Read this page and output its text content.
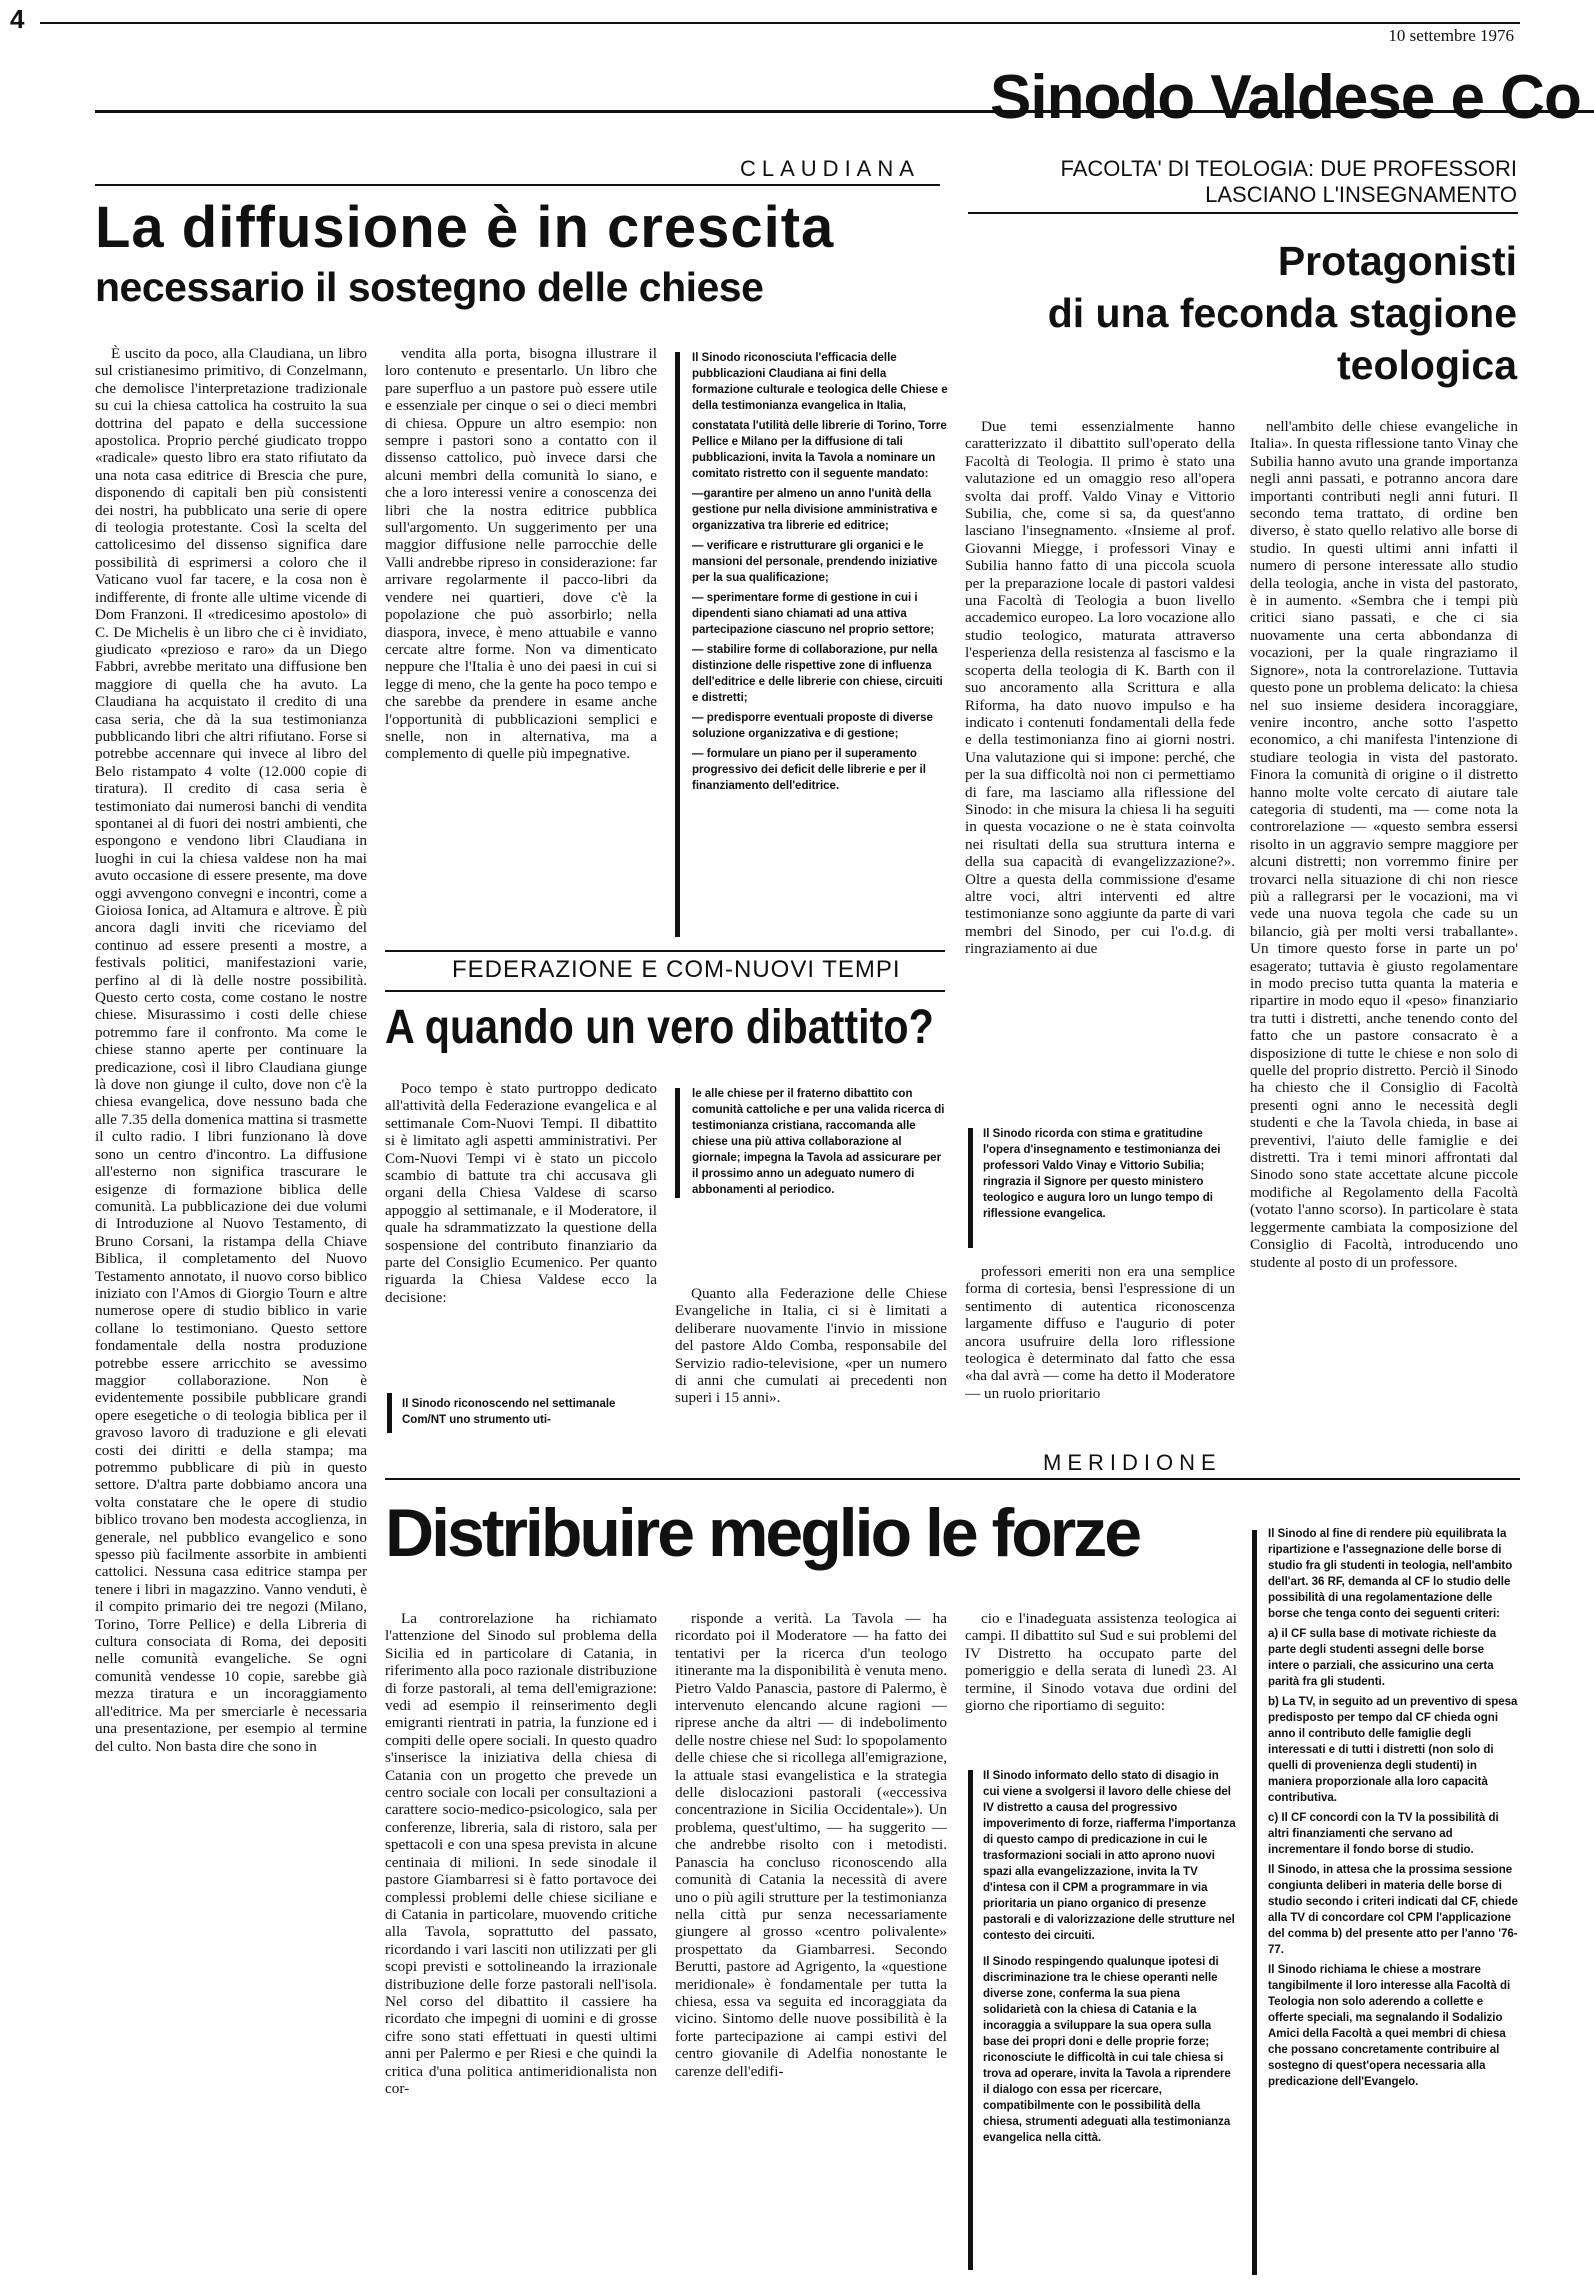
4
10 settembre 1976
Sinodo Valdese e Co
CLAUDIANA
La diffusione è in crescita
necessario il sostegno delle chiese

È uscito da poco, alla Claudiana, un libro sul cristianesimo primitivo, di Conzelmann, che demolisce l'interpretazione tradizionale su cui la chiesa cattolica ha costruito la sua dottrina del papato e della successione apostolica. Proprio perché giudicato troppo «radicale» questo libro era stato rifiutato da una nota casa editrice di Brescia che pure, disponendo di capitali ben più consistenti dei nostri, ha pubblicato una serie di opere di teologia protestante. Così la scelta del cattolicesimo del dissenso significa dare possibilità di esprimersi a coloro che il Vaticano vuol far tacere, e la cosa non è indifferente, di fronte alle ultime vicende di Dom Franzoni. Il «tredicesimo apostolo» di C. De Michelis è un libro che ci è invidiato, giudicato «prezioso e raro» da un Diego Fabbri, avrebbe meritato una diffusione ben maggiore di quella che ha avuto. La Claudiana ha acquistato il credito di una casa seria, che dà la sua testimonianza pubblicando libri che altri rifiutano. Forse si potrebbe accennare qui invece al libro del Belo ristampato 4 volte (12.000 copie di tiratura). Il credito di casa seria è testimoniato dai numerosi banchi di vendita spontanei al di fuori dei nostri ambienti, che espongono e vendono libri Claudiana in luoghi in cui la chiesa valdese non ha mai avuto occasione di essere presente, ma dove oggi avvengono convegni e incontri, come a Gioiosa Ionica, ad Altamura e altrove. È più ancora dagli inviti che riceviamo del continuo ad essere presenti a mostre, a festivals politici, manifestazioni varie, perfino al di là delle nostre possibilità. Questo certo costa, come costano le nostre chiese. Misurassimo i costi delle chiese potremmo fare il confronto. Ma come le chiese stanno aperte per continuare la predicazione, così il libro Claudiana giunge là dove non giunge il culto, dove non c'è la chiesa evangelica, dove nessuno bada che alle 7.35 della domenica mattina si trasmette il culto radio. I libri funzionano là dove sono un centro d'incontro. La diffusione all'esterno non significa trascurare le esigenze di formazione biblica delle comunità. La pubblicazione dei due volumi di Introduzione al Nuovo Testamento, di Bruno Corsani, la ristampa della Chiave Biblica, il completamento del Nuovo Testamento annotato, il nuovo corso biblico iniziato con l'Amos di Giorgio Tourn e altre numerose opere di studio biblico in varie collane lo testimoniano. Questo settore fondamentale della nostra produzione potrebbe essere arricchito se avessimo maggior collaborazione. Non è evidentemente possibile pubblicare grandi opere esegetiche o di teologia biblica per il gravoso lavoro di traduzione e gli elevati costi dei diritti e della stampa; ma potremmo pubblicare di più in questo settore. D'altra parte dobbiamo ancora una volta constatare che le opere di studio biblico trovano ben modesta accoglienza, in generale, nel pubblico evangelico e sono spesso più facilmente assorbite in ambienti cattolici. Nessuna casa editrice stampa per tenere i libri in magazzino. Vanno venduti, è il compito primario dei tre negozi (Milano, Torino, Torre Pellice) e della Libreria di cultura consociata di Roma, dei depositi nelle comunità evangeliche. Se ogni comunità vendesse 10 copie, sarebbe già mezza tiratura e un incoraggiamento all'editrice. Ma per smerciarle è necessaria una presentazione, per esempio al termine del culto. Non basta dire che sono in

vendita alla porta, bisogna illustrare il loro contenuto e presentarlo. Un libro che pare superfluo a un pastore può essere utile e essenziale per cinque o sei o dieci membri di chiesa. Oppure un altro esempio: non sempre i pastori sono a contatto con il dissenso cattolico, può invece darsi che alcuni membri della comunità lo siano, e che a loro interessi venire a conoscenza dei libri che la nostra editrice pubblica sull'argomento. Un suggerimento per una maggior diffusione nelle parrocchie delle Valli andrebbe ripreso in considerazione: far arrivare regolarmente il pacco-libri da vendere nei quartieri, dove c'è la popolazione che può assorbirlo; nella diaspora, invece, è meno attuabile e vanno cercate altre forme. Non va dimenticato neppure che l'Italia è uno dei paesi in cui si legge di meno, che la gente ha poco tempo e che sarebbe da prendere in esame anche l'opportunità di pubblicazioni semplici e snelle, non in alternativa, ma a complemento di quelle più impegnative.

Il Sinodo riconosciuta l'efficacia delle pubblicazioni Claudiana ai fini della formazione culturale e teologica delle Chiese e della testimonianza evangelica in Italia,

constatata l'utilità delle librerie di Torino, Torre Pellice e Milano per la diffusione di tali pubblicazioni, invita la Tavola a nominare un comitato ristretto con il seguente mandato:

—garantire per almeno un anno l'unità della gestione pur nella divisione amministrativa e organizzativa tra librerie ed editrice;

— verificare e ristrutturare gli organici e le mansioni del personale, prendendo iniziative per la sua qualificazione;

— sperimentare forme di gestione in cui i dipendenti siano chiamati ad una attiva partecipazione ciascuno nel proprio settore;

— stabilire forme di collaborazione, pur nella distinzione delle rispettive zone di influenza dell'editrice e delle librerie con chiese, circuiti e distretti;

— predisporre eventuali proposte di diverse soluzione organizzativa e di gestione;

— formulare un piano per il superamento progressivo dei deficit delle librerie e per il finanziamento dell'editrice.

FEDERAZIONE E COM-NUOVI TEMPI
A quando un vero dibattito?

Poco tempo è stato purtroppo dedicato all'attività della Federazione evangelica e al settimanale Com-Nuovi Tempi. Il dibattito si è limitato agli aspetti amministrativi. Per Com-Nuovi Tempi vi è stato un piccolo scambio di battute tra chi accusava gli organi della Chiesa Valdese di scarso appoggio al settimanale, e il Moderatore, il quale ha sdrammatizzato la questione della sospensione del contributo finanziario da parte del Consiglio Ecumenico. Per quanto riguarda la Chiesa Valdese ecco la decisione:

Il Sinodo riconoscendo nel settimanale Com/NT uno strumento uti-
le alle chiese per il fraterno dibattito con comunità cattoliche e per una valida ricerca di testimonianza cristiana, raccomanda alle chiese una più attiva collaborazione al giornale; impegna la Tavola ad assicurare per il prossimo anno un adeguato numero di abbonamenti al periodico.

Quanto alla Federazione delle Chiese Evangeliche in Italia, ci si è limitati a deliberare nuovamente l'invio in missione del pastore Aldo Comba, responsabile del Servizio radio-televisione, «per un numero di anni che cumulati ai precedenti non superi i 15 anni».

FACOLTA' DI TEOLOGIA: DUE PROFESSORI LASCIANO L'INSEGNAMENTO
Protagonisti
di una feconda stagione
teologica

Due temi essenzialmente hanno caratterizzato il dibattito sull'operato della Facoltà di Teologia. Il primo è stato una valutazione ed un omaggio reso all'opera svolta dai proff. Valdo Vinay e Vittorio Subilia, che, come si sa, da quest'anno lasciano l'insegnamento. «Insieme al prof. Giovanni Miegge, i professori Vinay e Subilia hanno fatto di una piccola scuola per la preparazione locale di pastori valdesi una Facoltà di Teologia a buon livello accademico europeo. La loro vocazione allo studio teologico, maturata attraverso l'esperienza della resistenza al fascismo e la scoperta della teologia di K. Barth con il suo ancoramento alla Scrittura e alla Riforma, ha dato nuovo impulso e ha indicato i contenuti fondamentali della fede e della testimonianza fino ai giorni nostri. Una valutazione qui si impone: perché, che per la sua difficoltà noi non ci permettiamo di fare, ma lasciamo alla riflessione del Sinodo: in che misura la chiesa li ha seguiti in questa vocazione o ne è stata coinvolta nei risultati della sua struttura interna e della sua capacità di evangelizzazione?». Oltre a questa della commissione d'esame altre voci, altri interventi ed altre testimonianze sono aggiunte da parte di vari membri del Sinodo, per cui l'o.d.g. di ringraziamento ai due

Il Sinodo ricorda con stima e gratitudine l'opera d'insegnamento e testimonianza dei professori Valdo Vinay e Vittorio Subilia; ringrazia il Signore per questo ministero teologico e augura loro un lungo tempo di riflessione evangelica.

professori emeriti non era una semplice forma di cortesia, bensì l'espressione di un sentimento di autentica riconoscenza largamente diffuso e l'augurio di poter ancora usufruire della loro riflessione teologica è determinato dal fatto che essa «ha dal avrà — come ha detto il Moderatore — un ruolo prioritario

nell'ambito delle chiese evangeliche in Italia». In questa riflessione tanto Vinay che Subilia hanno avuto una grande importanza negli anni passati, e potranno ancora dare importanti contributi negli anni futuri. Il secondo tema trattato, di ordine ben diverso, è stato quello relativo alle borse di studio. In questi ultimi anni infatti il numero di persone interessate allo studio della teologia, anche in vista del pastorato, è in aumento. «Sembra che i tempi più critici siano passati, e che ci sia nuovamente una certa abbondanza di vocazioni, per la quale ringraziamo il Signore», nota la controrelazione. Tuttavia questo pone un problema delicato: la chiesa nel suo insieme desidera incoraggiare, venire incontro, anche sotto l'aspetto economico, a chi manifesta l'intenzione di studiare teologia in vista del pastorato. Finora la comunità di origine o il distretto hanno molte volte cercato di aiutare tale categoria di studenti, ma — come nota la controrelazione — «questo sembra essersi risolto in un aggravio sempre maggiore per alcuni distretti; non vorremmo finire per trovarci nella situazione di chi non riesce più a rallegrarsi per le vocazioni, ma vi vede una nuova tegola che cade su un bilancio, già per molti versi traballante». Un timore questo forse in parte un po' esagerato; tuttavia è giusto regolamentare in modo preciso tutta quanta la materia e ripartire in modo equo il «peso» finanziario tra tutti i distretti, anche tenendo conto del fatto che un pastore consacrato è a disposizione di tutte le chiese e non solo di quelle del proprio distretto. Perciò il Sinodo ha chiesto che il Consiglio di Facoltà presenti ogni anno le necessità degli studenti e che la Tavola chieda, in base ai preventivi, l'aiuto delle famiglie e dei distretti. Tra i temi minori affrontati dal Sinodo sono state accettate alcune piccole modifiche al Regolamento della Facoltà (votato l'anno scorso). In particolare è stata leggermente cambiata la composizione del Consiglio di Facoltà, introducendo uno studente al posto di un professore.

MERIDIONE
Distribuire meglio le forze

La controrelazione ha richiamato l'attenzione del Sinodo sul problema della Sicilia ed in particolare di Catania, in riferimento alla poco razionale distribuzione di forze pastorali, al tema dell'emigrazione: vedi ad esempio il reinserimento degli emigranti rientrati in patria, la funzione ed i compiti delle opere sociali. In questo quadro s'inserisce la iniziativa della chiesa di Catania con un progetto che prevede un centro sociale con locali per consultazioni a carattere socio-medico-psicologico, sala per conferenze, libreria, sala di ristoro, sala per spettacoli e con una spesa prevista in alcune centinaia di milioni. In sede sinodale il pastore Giambarresi si è fatto portavoce dei complessi problemi delle chiese siciliane e di Catania in particolare, muovendo critiche alla Tavola, soprattutto del passato, ricordando i vari lasciti non utilizzati per gli scopi previsti e sottolineando la irrazionale distribuzione delle forze pastorali nell'isola. Nel corso del dibattito il cassiere ha ricordato che impegni di uomini e di grosse cifre sono stati effettuati in questi ultimi anni per Palermo e per Riesi e che quindi la critica d'una politica antimeridionalista non cor-

risponde a verità. La Tavola — ha ricordato poi il Moderatore — ha fatto dei tentativi per la ricerca d'un teologo itinerante ma la disponibilità è venuta meno. Pietro Valdo Panascia, pastore di Palermo, è intervenuto elencando alcune ragioni — riprese anche da altri — di indebolimento delle nostre chiese nel Sud: lo spopolamento delle chiese che si ricollega all'emigrazione, la attuale stasi evangelistica e la strategia delle dislocazioni pastorali («eccessiva concentrazione in Sicilia Occidentale»). Un problema, quest'ultimo, — ha suggerito — che andrebbe risolto con i metodisti. Panascia ha concluso riconoscendo alla comunità di Catania la necessità di avere uno o più agili strutture per la testimonianza nella città pur senza necessariamente giungere al grosso «centro polivalente» prospettato da Giambarresi. Secondo Berutti, pastore ad Agrigento, la «questione meridionale» è fondamentale per tutta la chiesa, essa va seguita ed incoraggiata da vicino. Sintomo delle nuove possibilità è la forte partecipazione ai campi estivi del centro giovanile di Adelfia nonostante le carenze dell'edifi-

cio e l'inadeguata assistenza teologica ai campi. Il dibattito sul Sud e sui problemi del IV Distretto ha occupato parte del pomeriggio e della serata di lunedì 23. Al termine, il Sinodo votava due ordini del giorno che riportiamo di seguito:

Il Sinodo informato dello stato di disagio in cui viene a svolgersi il lavoro delle chiese del IV distretto a causa del progressivo impoverimento di forze, riafferma l'importanza di questo campo di predicazione in cui le trasformazioni sociali in atto aprono nuovi spazi alla evangelizzazione, invita la TV d'intesa con il CPM a programmare in via prioritaria un piano organico di presenze pastorali e di valorizzazione delle strutture nel contesto dei circuiti.

Il Sinodo respingendo qualunque ipotesi di discriminazione tra le chiese operanti nelle diverse zone, conferma la sua piena solidarietà con la chiesa di Catania e la incoraggia a sviluppare la sua opera sulla base dei propri doni e delle proprie forze; riconosciute le difficoltà in cui tale chiesa si trova ad operare, invita la Tavola a riprendere il dialogo con essa per ricercare, compatibilmente con le possibilità della chiesa, strumenti adeguati alla testimonianza evangelica nella città.

Il Sinodo al fine di rendere più equilibrata la ripartizione e l'assegnazione delle borse di studio fra gli studenti in teologia, nell'ambito dell'art. 36 RF, demanda al CF lo studio delle possibilità di una regolamentazione delle borse che tenga conto dei seguenti criteri:

a) il CF sulla base di motivate richieste da parte degli studenti assegni delle borse intere o parziali, che assicurino una certa parità fra gli studenti.

b) La TV, in seguito ad un preventivo di spesa predisposto per tempo dal CF chieda ogni anno il contributo delle famiglie degli interessati e di tutti i distretti (non solo di quelli di provenienza degli studenti) in maniera proporzionale alla loro capacità contributiva.

c) Il CF concordi con la TV la possibilità di altri finanziamenti che servano ad incrementare il fondo borse di studio.

Il Sinodo, in attesa che la prossima sessione congiunta deliberi in materia delle borse di studio secondo i criteri indicati dal CF, chiede alla TV di concordare col CPM l'applicazione del comma b) del presente atto per l'anno '76-77.

Il Sinodo richiama le chiese a mostrare tangibilmente il loro interesse alla Facoltà di Teologia non solo aderendo a collette e offerte speciali, ma segnalando il Sodalizio Amici della Facoltà a quei membri di chiesa che possano concretamente contribuire al sostegno di quest'opera necessaria alla predicazione dell'Evangelo.
